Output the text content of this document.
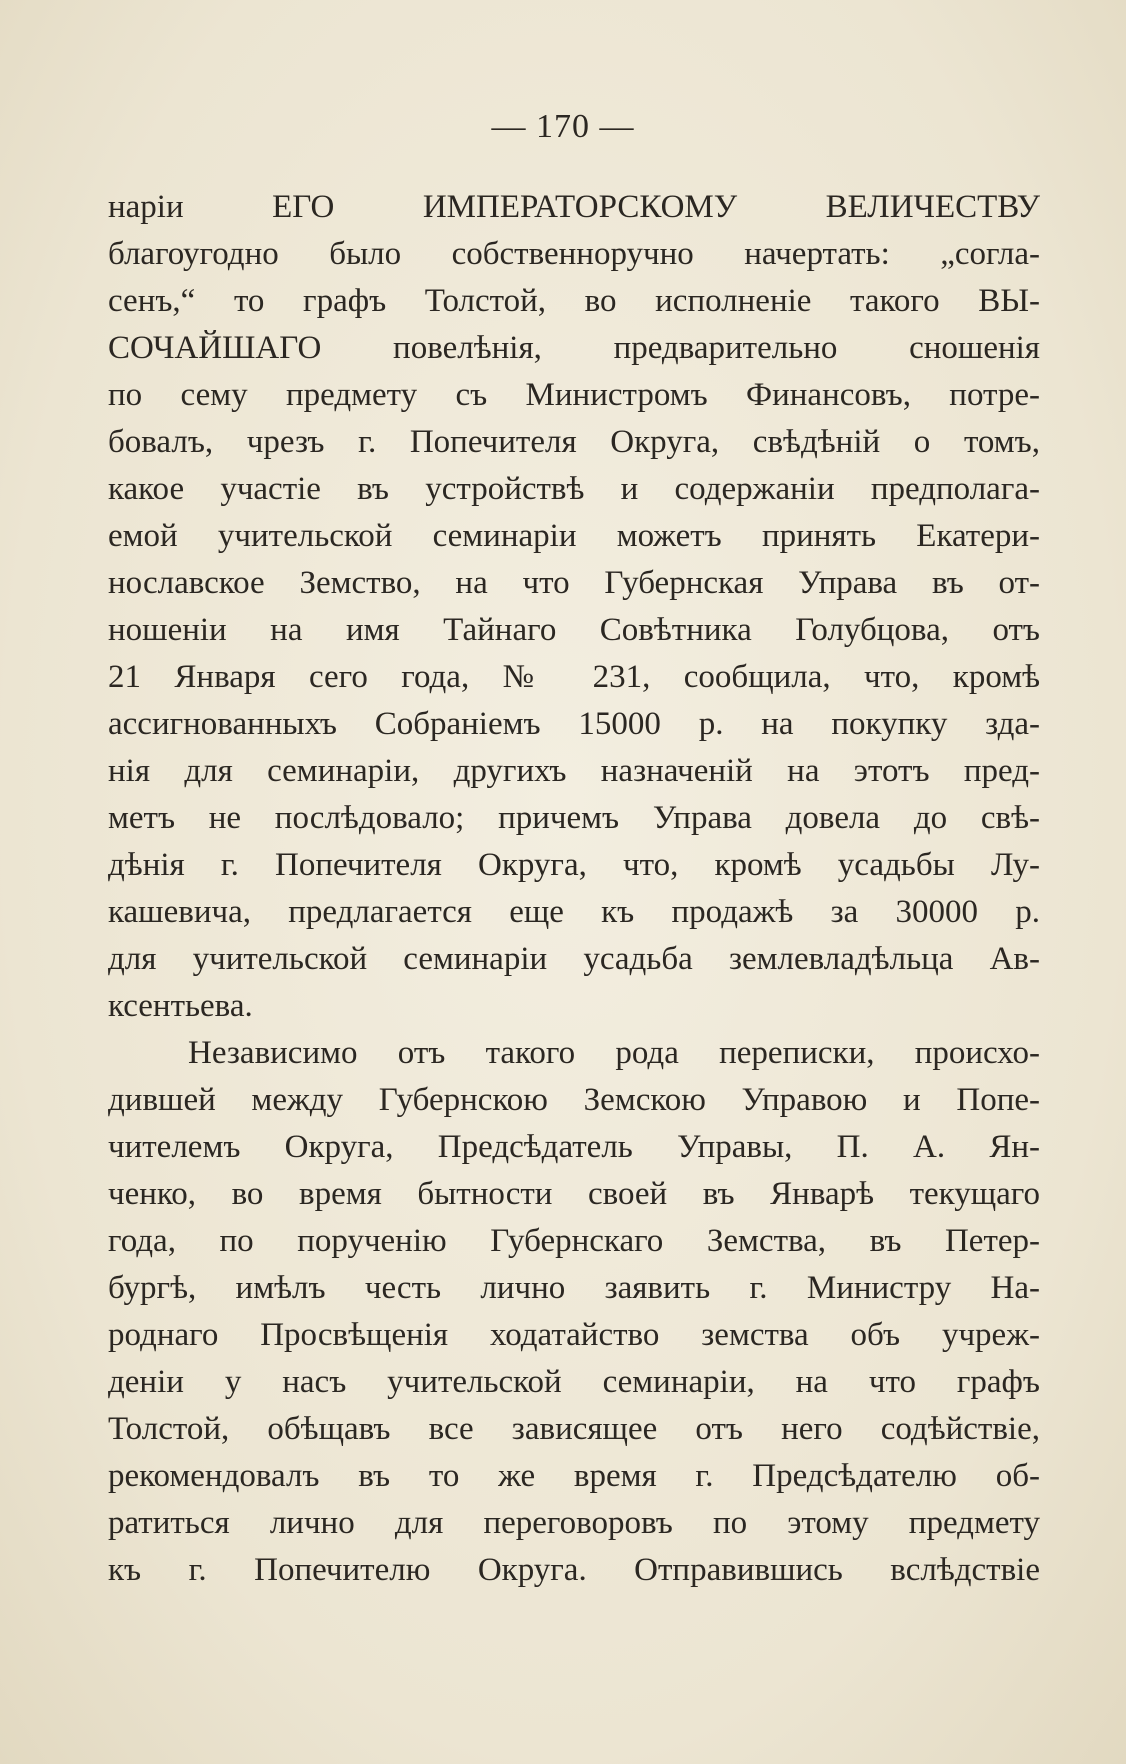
— 170 —
наріи ЕГО ИМПЕРАТОРСКОМУ ВЕЛИЧЕСТВУ
благоугодно было собственноручно начертать: „согла-
сенъ,“ то графъ Толстой, во исполненіе такого ВЫ-
СОЧАЙШАГО повелѣнія, предварительно сношенія
по сему предмету съ Министромъ Финансовъ, потре-
бовалъ, чрезъ г. Попечителя Округа, свѣдѣній о томъ,
какое участіе въ устройствѣ и содержаніи предполага-
емой учительской семинаріи можетъ принять Екатери-
нославское Земство, на что Губернская Управа въ от-
ношеніи на имя Тайнаго Совѣтника Голубцова, отъ
21 Января сего года, № 231, сообщила, что, кромѣ
ассигнованныхъ Собраніемъ 15000 р. на покупку зда-
нія для семинаріи, другихъ назначеній на этотъ пред-
метъ не послѣдовало; причемъ Управа довела до свѣ-
дѣнія г. Попечителя Округа, что, кромѣ усадьбы Лу-
кашевича, предлагается еще къ продажѣ за 30000 р.
для учительской семинаріи усадьба землевладѣльца Ав-
ксентьева.
Независимо отъ такого рода переписки, происхо-
дившей между Губернскою Земскою Управою и Попе-
чителемъ Округа, Предсѣдатель Управы, П. А. Ян-
ченко, во время бытности своей въ Январѣ текущаго
года, по порученію Губернскаго Земства, въ Петер-
бургѣ, имѣлъ честь лично заявить г. Министру На-
роднаго Просвѣщенія ходатайство земства объ учреж-
деніи у насъ учительской семинаріи, на что графъ
Толстой, обѣщавъ все зависящее отъ него содѣйствіе,
рекомендовалъ въ то же время г. Предсѣдателю об-
ратиться лично для переговоровъ по этому предмету
къ г. Попечителю Округа. Отправившись вслѣдствіе
